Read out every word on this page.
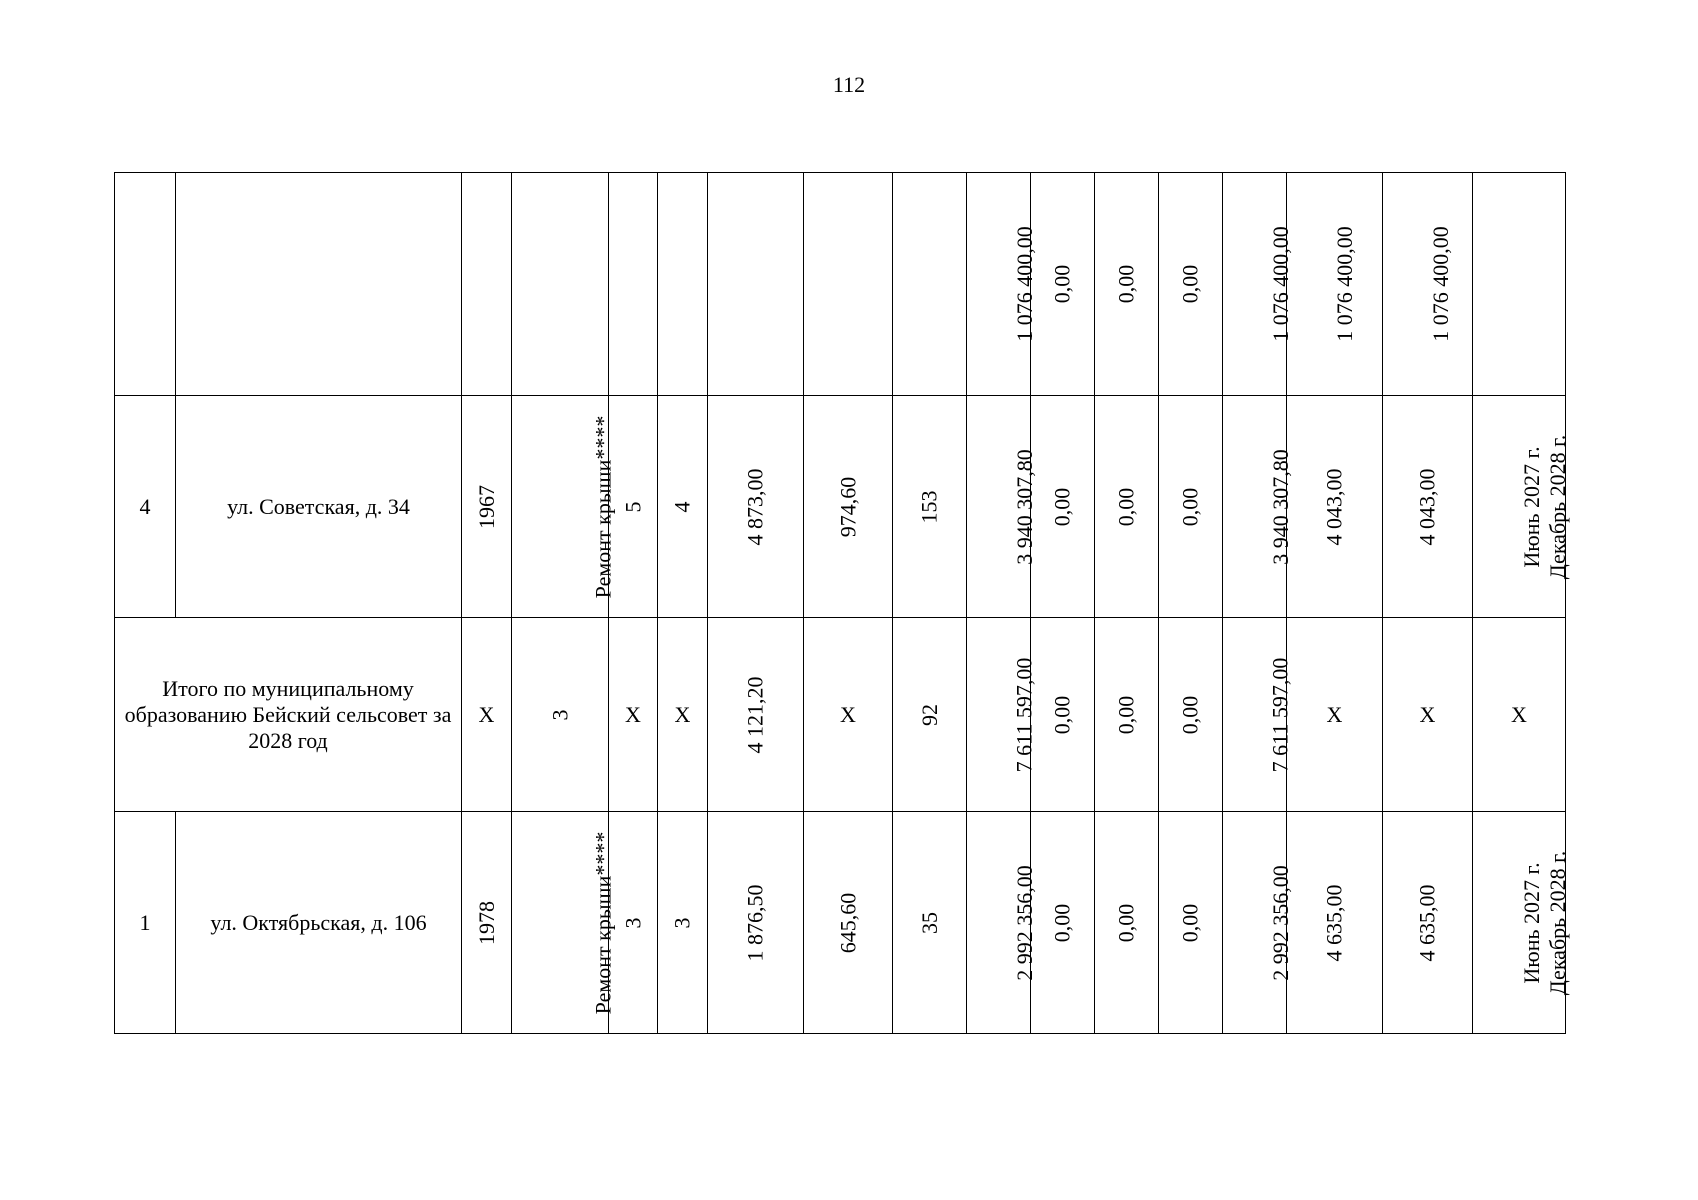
112
									1 076 400,00	0,00	0,00	0,00	1 076 400,00	1 076 400,00	1 076 400,00	
4	ул. Советская, д. 34	1967	Ремонт крыши****	5	4	4 873,00	974,60	153	3 940 307,80	0,00	0,00	0,00	3 940 307,80	4 043,00	4 043,00	Июнь 2027 г. Декабрь 2028 г.

Итого по муниципальному образованию Бейский сельсовет за 2028 год		X	3	X	X	4 121,20	X	92	7 611 597,00	0,00	0,00	0,00	7 611 597,00	X	X	X
1	ул. Октябрьская, д. 106	1978	Ремонт крыши****	3	3	1 876,50	645,60	35	2 992 356,00	0,00	0,00	0,00	2 992 356,00	4 635,00	4 635,00	Июнь 2027 г. Декабрь 2028 г.
